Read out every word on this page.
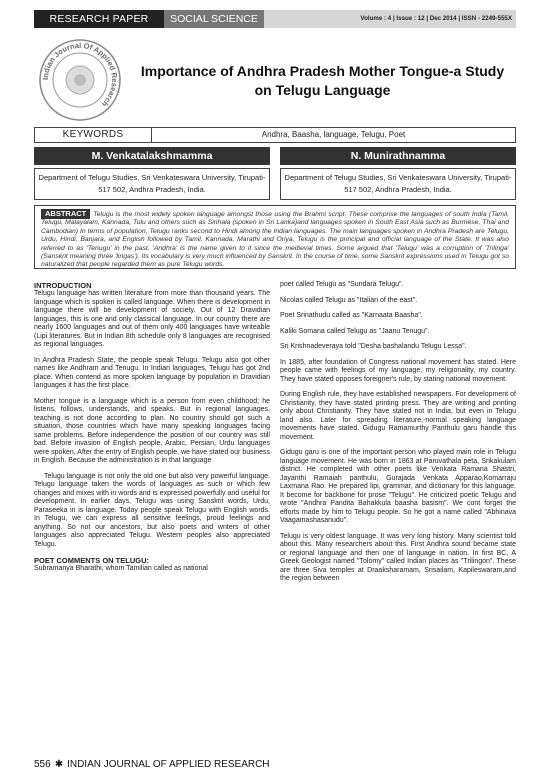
RESEARCH PAPER	SOCIAL SCIENCE	Volume : 4 | Issue : 12 | Dec 2014 | ISSN - 2249-555X
Indian Journal Of Applied Research
Importance of Andhra Pradesh Mother Tongue-a Study on Telugu Language
KEYWORDS	Andhra, Baasha, language, Telugu, Poet
M. Venkatalakshmamma	N. Munirathnamma
Department of Telugu Studies, Sri Venkateswara University, Tirupati-517 502, Andhra Pradesh, India.
Department of Telugu Studies, Sri Venkateswara University, Tirupati-517 502, Andhra Pradesh, India.
ABSTRACT Telugu is the most widely spoken language amongst those using the Brahmi script. These comprise the languages of south India (Tamil, Telugu, Malayalam, Kannada, Tulu and others such as Sinhala (spoken in Sri Lanka)and languages spoken in South East Asia such as Burmese, Thai and Cambodian) In terms of population, Telugu ranks second to Hindi among the Indian languages. The main languages spoken in Andhra Pradesh are Telugu, Urdu, Hindi, Banjara, and English followed by Tamil, Kannada, Marathi and Oriya. Telugu is the principal and official language of the State. It was also referred to as 'Tenugu' in the past. 'Andhra' is the name given to it since the medieval times. Some argued that 'Telugu' was a corruption of 'Trilinga' (Sanskrit meaning three 'lingas'). Its vocabulary is very much influenced by Sanskrit. In the course of time, some Sanskrit expressions used in Telugu got so naturalized that people regarded them as pure Telugu words.
INTRODUCTION

Telugu language has written literature from more than thousand years. The language which is spoken is called language. When there is development in language there will be development of society. Out of 12 Dravidian languages, this is one and only classical language. In our country there are nearly 1600 languages and out of them only 400 languages have writeable (Lipi literatures. But in Indian 8th schedule only 8 languages are recognised as regional languages.

In Andhra Pradesh State, the people speak Telugu. Telugu also got other names like Andhram and Tenugu. In Indian languages, Telugu has got 2nd place. When contend as more spoken language by population in Dravidian languages it has the first place.

Mother tongue is a language which is a person from even childhood; he listens, follows, understands, and speaks. But in regional languages, teaching is not done according to plan. No country should got such a situation, those countries which have many speaking languages facing same problems. Before independence the position of our country was still bad. Before invasion of English people, Arabic, Persian, Urdu languages were spoken. After the entry of English people, we have stated our business in English. Because the administration is in that language

Telugu language is not only the old one but also very powerful language. Telugu language taken the words of languages as such or which few changes and mixes with in words and is expressed powerfully and useful for development. In earlier days, Telugu was using Sanskrit words, Urdu, Paraseeka in is language. Today people speak Telugu with English words. In Telugu, we can express all sensitive feelings, proud feelings and anything. So not our ancestors, but also poets and writers of other languages also appreciated Telugu. Western peoples also appreciated Telugu.

POET COMMENTS ON TELUGU:

Subramanya Bharathi, whom Tamilian called as national

poet called Telugu as "Sundara Telugu".

Nicolas called Telugu as "Italian of the east".

Poet Srinathudu called as "Karnaata Baasha".

Kaliki Somana called Telugu as "Jaanu Tenugu".

Sri Krishnadeveraya told "Desha bashalandu Telugu Lessa".

In 1885, after foundation of Congress national movement has stated. Here people came with feelings of my language, my religionality, my country. They have stated opposes foreigner's rule, by stating national movement.

During English rule, they have established newspapers. For development of Christianity, they have stated printing press. They are writing and printing only about Christianity. They have stated not in India, but even in Telugu land also. Later for spreading literature,-normal speaking language movements have stated. Gidugu Ramamurthy Panthulu garu handle this movement.

Gidugu garu is one of the important person who played main role in Telugu language movement. He was born in 1863 at Paruvathala peta, Srikakulam district. He completed with other poets like Venkata Ramana Shastri, Jayanthi Ramaiah panthulu, Gurajada Venkata Apparao,Komarraju Laxmana Rao. He prepared lipi, grammar, and dictionary for this language. It become for backbone for prose "Telugu". He criticized poetic Telugu and wrote "Andhra Pandita Bahakkula baasha basism". We cont forget the efforts made by him to Telugu people. So he got a name called "Abhinava Vaagamashasanudu".

Telugu is very oldest language. It was very long history. Many scientist told about this. Many researchers about this. First Andhra sound became state or regional language and then one of language in nation. In first BC, A Greek Geologist named "Tolomy" called Indian places as "Trilingon". These are three Siva temples at Draaksharamam, Srisailam, Kapileswaram,and the region between

556 ✱ INDIAN JOURNAL OF APPLIED RESEARCH
